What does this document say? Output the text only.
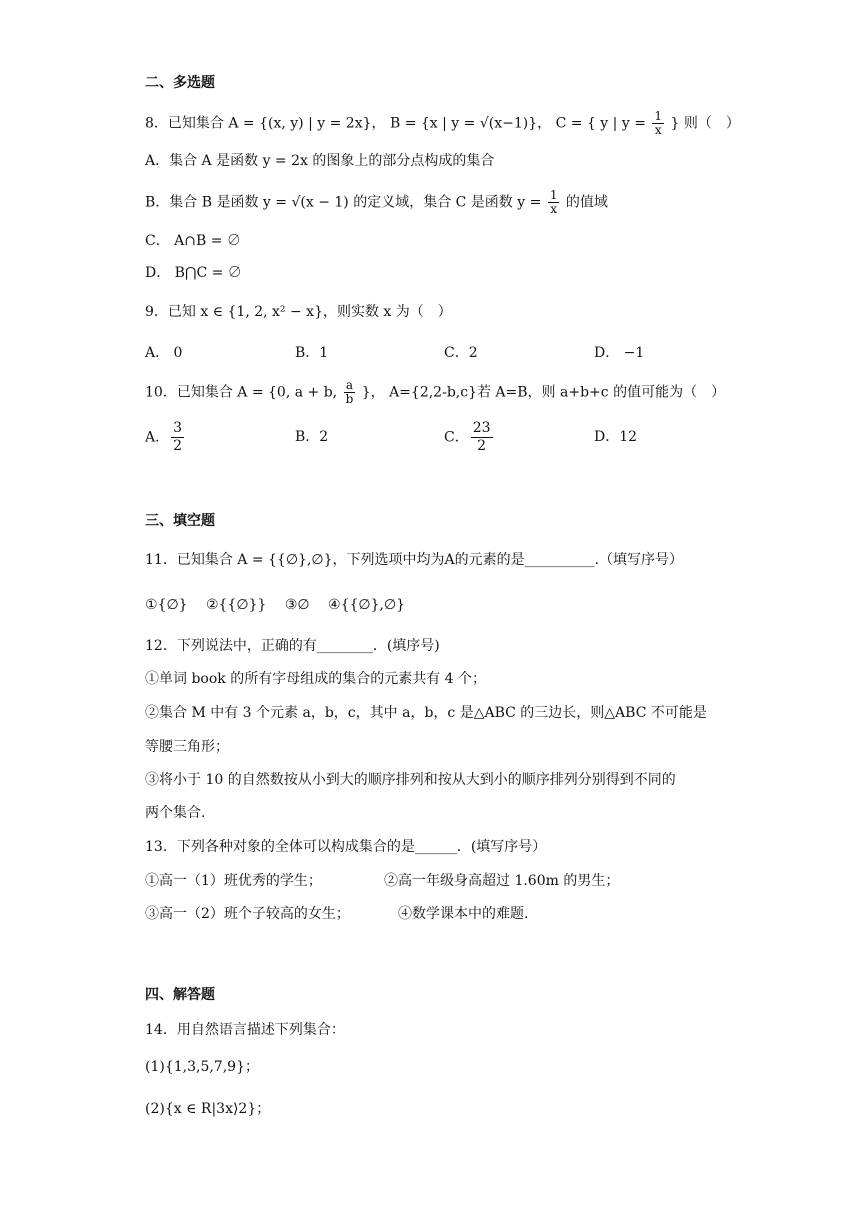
二、多选题
8．已知集合 A = {(x, y) | y = 2x}， B = {x | y = √(x−1)}， C = { y | $y = \frac{1}{x}$ } 则（　）
A．集合 A 是函数 y = 2x 的图象上的部分点构成的集合
B．集合 B 是函数 y = √(x − 1) 的定义域，集合 C 是函数 $y = \frac{1}{x}$ 的值域
C． A∩B = ∅
D． B⋂C = ∅
9．已知 x ∈ {1, 2, x² − x}，则实数 x 为（　）
A． 0	B．1	C．2	D． −1
10．已知集合 A = {0, a + b, $\frac{a}{b}$ }， A={2,2-b,c}若 A=B，则 a+b+c 的值可能为（　）
A． $\frac{3}{2}$	B．2	C． $\frac{23}{2}$	D．12
三、填空题
11．已知集合 A = {{∅},∅}，下列选项中均为A的元素的是__________.（填写序号）
①{∅}　 ②{{∅}}　 ③∅　 ④{{∅},∅}
12．下列说法中，正确的有________．(填序号)
①单词 book 的所有字母组成的集合的元素共有 4 个；
②集合 M 中有 3 个元素 a，b，c，其中 a，b，c 是△ABC 的三边长，则△ABC 不可能是
等腰三角形；
③将小于 10 的自然数按从小到大的顺序排列和按从大到小的顺序排列分别得到不同的
两个集合.
13．下列各种对象的全体可以构成集合的是______．(填写序号）
①高一（1）班优秀的学生；	②高一年级身高超过 1.60m 的男生；
③高一（2）班个子较高的女生；	④数学课本中的难题.
四、解答题
14．用自然语言描述下列集合：
(1){1,3,5,7,9}；
(2){x ∈ R|3x⟩2}；
